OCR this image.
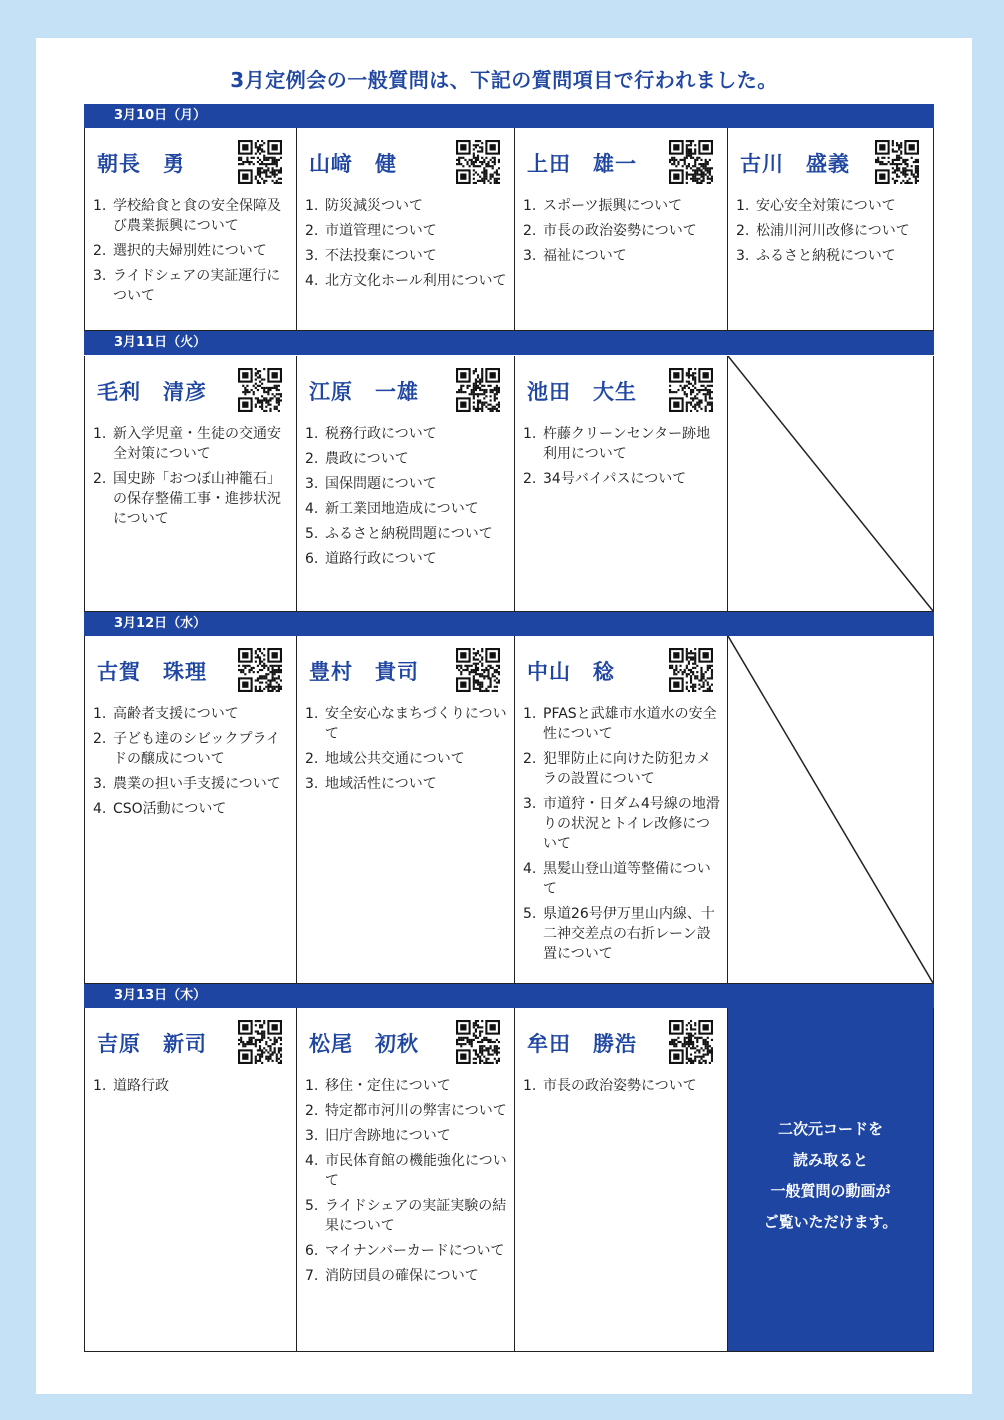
3月定例会の一般質問は、下記の質問項目で行われました。
3月10日（月）
朝長　勇
1. 学校給食と食の安全保障及び農業振興について
2. 選択的夫婦別姓について
3. ライドシェアの実証運行について
山﨑　健
1. 防災減災ついて
2. 市道管理について
3. 不法投棄について
4. 北方文化ホール利用について
上田　雄一
1. スポーツ振興について
2. 市長の政治姿勢について
3. 福祉について
古川　盛義
1. 安心安全対策について
2. 松浦川河川改修について
3. ふるさと納税について
3月11日（火）
毛利　清彦
1. 新入学児童・生徒の交通安全対策について
2. 国史跡「おつぼ山神籠石」の保存整備工事・進捗状況について
江原　一雄
1. 税務行政について
2. 農政について
3. 国保問題について
4. 新工業団地造成について
5. ふるさと納税問題について
6. 道路行政について
池田　大生
1. 杵藤クリーンセンター跡地利用について
2. 34号バイパスについて
3月12日（水）
古賀　珠理
1. 高齢者支援について
2. 子ども達のシビックプライドの醸成について
3. 農業の担い手支援について
4. CSO活動について
豊村　貴司
1. 安全安心なまちづくりについて
2. 地域公共交通について
3. 地域活性について
中山　稔
1. PFASと武雄市水道水の安全性について
2. 犯罪防止に向けた防犯カメラの設置について
3. 市道狩・日ダム4号線の地滑りの状況とトイレ改修について
4. 黒髪山登山道等整備について
5. 県道26号伊万里山内線、十二神交差点の右折レーン設置について
3月13日（木）
吉原　新司
1. 道路行政
松尾　初秋
1. 移住・定住について
2. 特定都市河川の弊害について
3. 旧庁舎跡地について
4. 市民体育館の機能強化について
5. ライドシェアの実証実験の結果について
6. マイナンバーカードについて
7. 消防団員の確保について
牟田　勝浩
1. 市長の政治姿勢について
二次元コードを
読み取ると
一般質問の動画が
ご覧いただけます。
